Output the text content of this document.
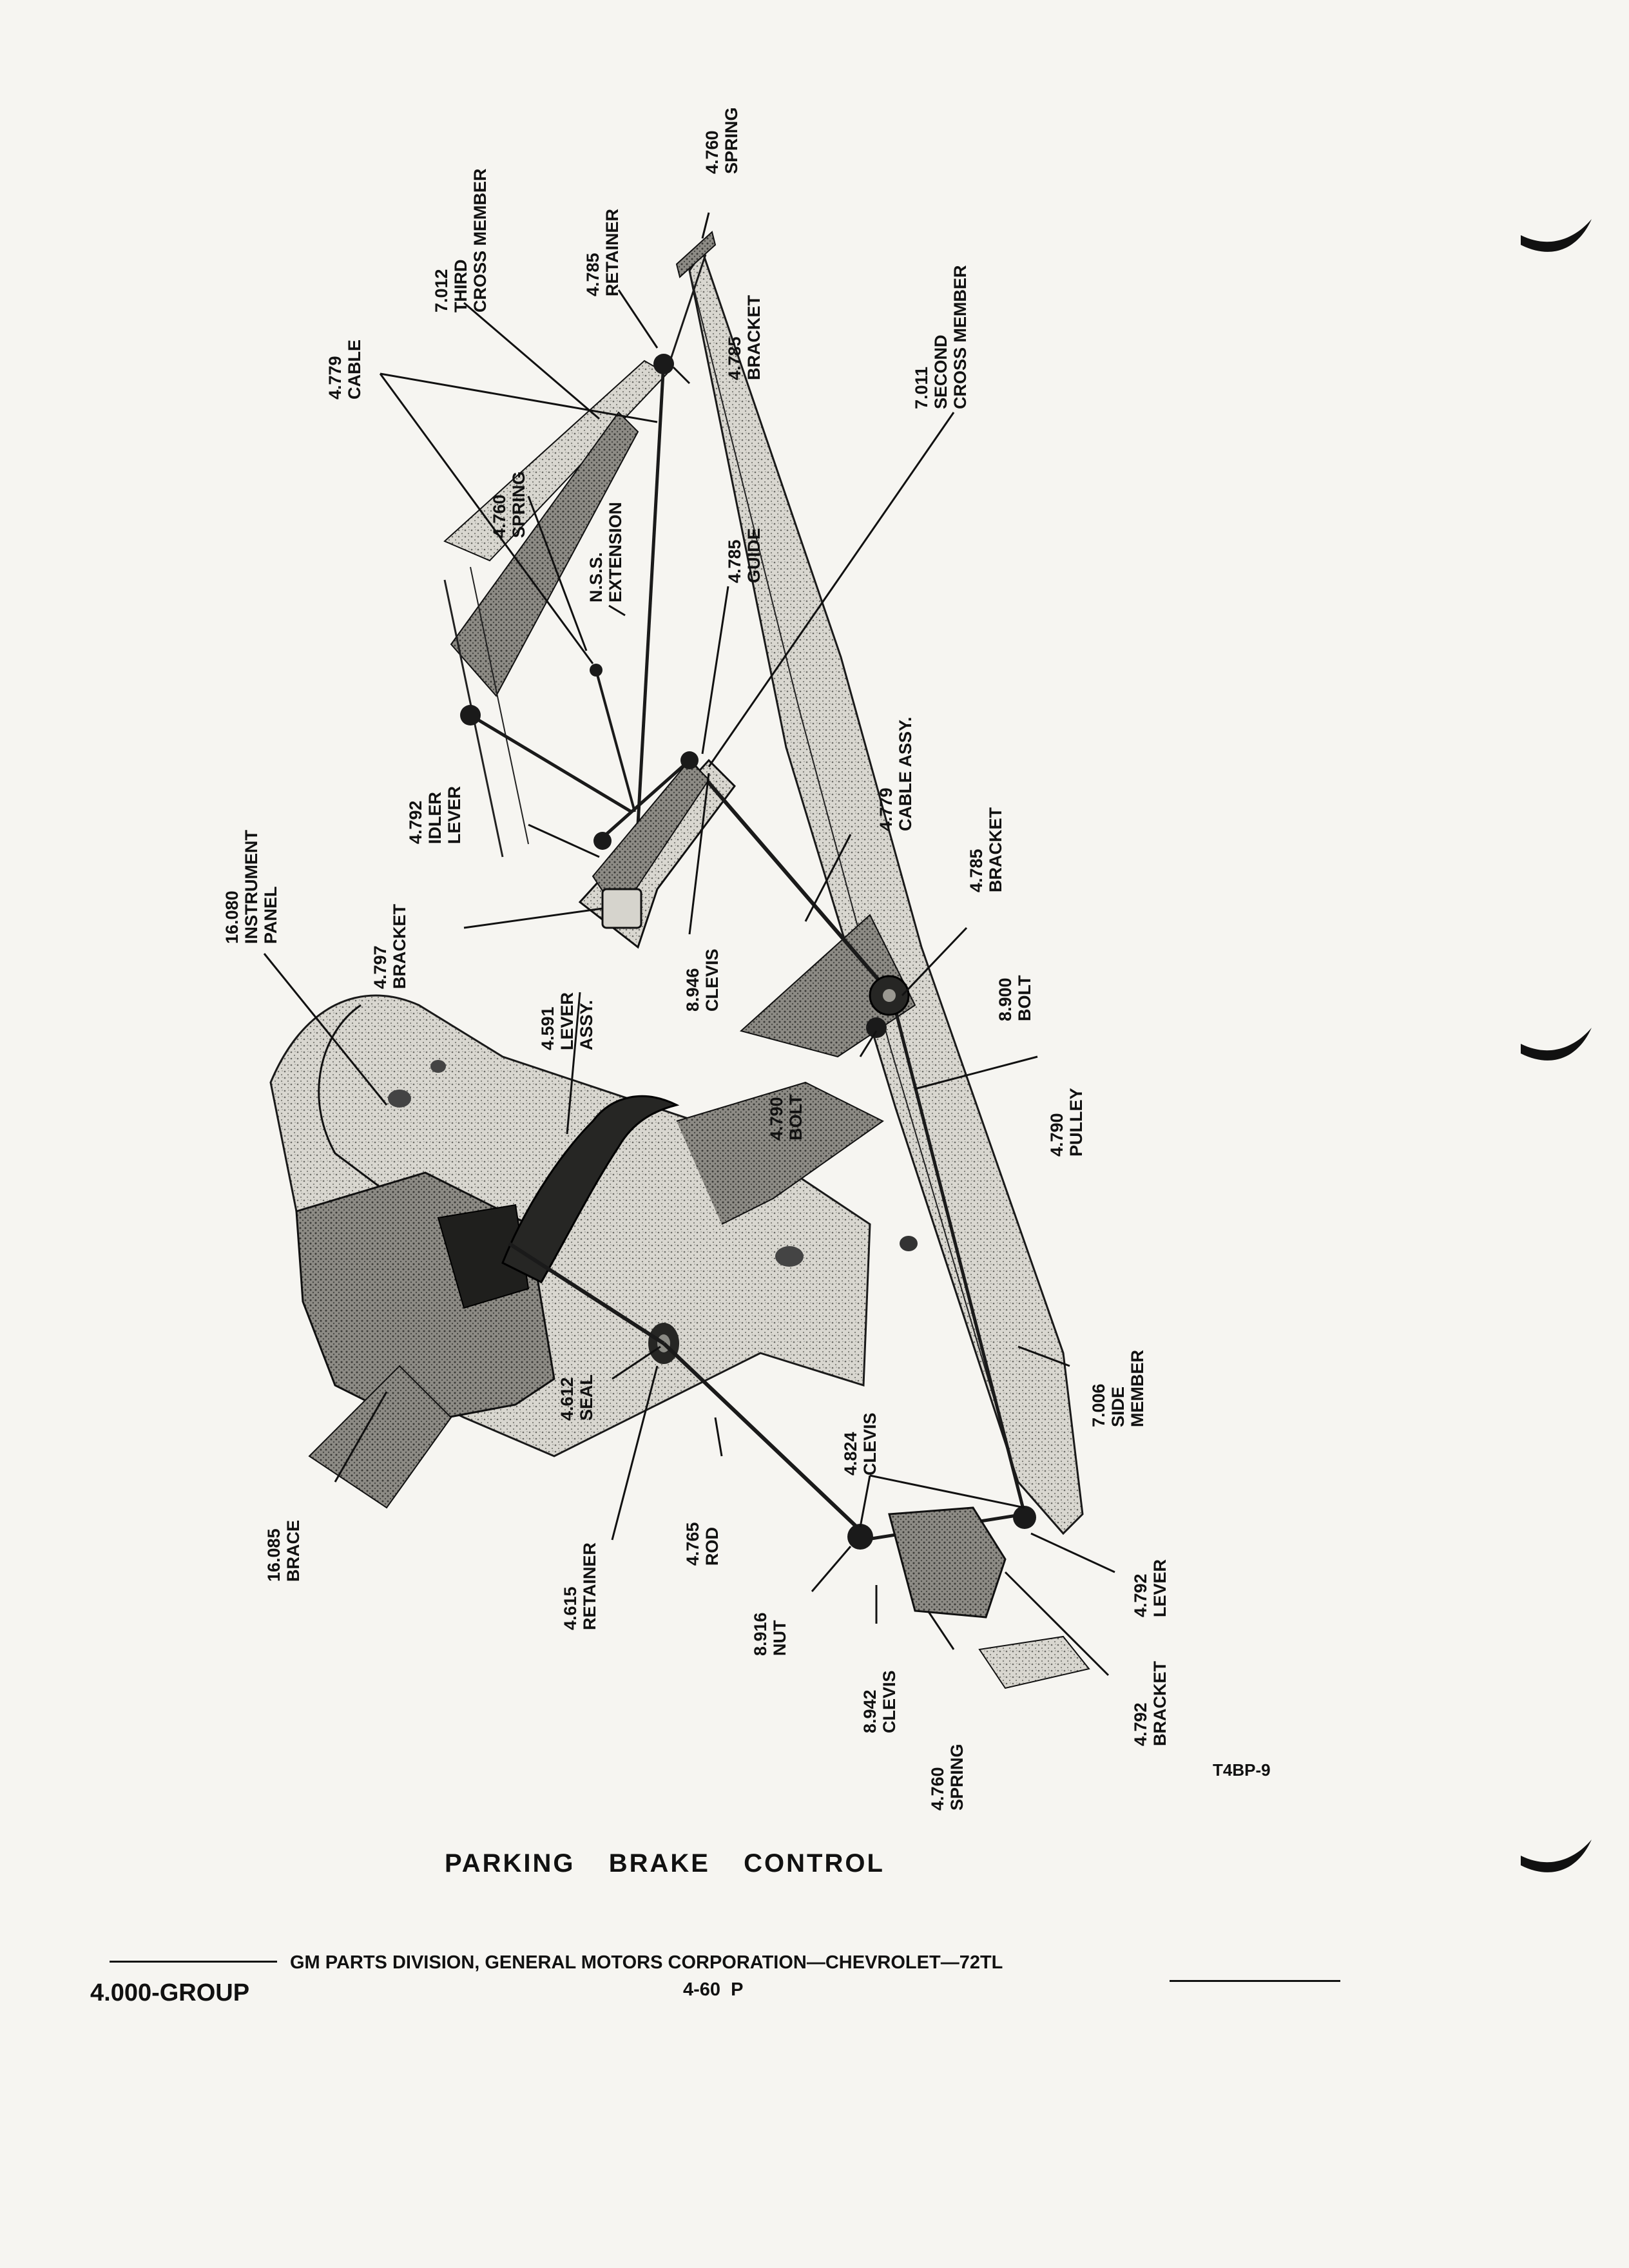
4.760 SPRING
7.012 THIRD CROSS MEMBER	4.785 RETAINER
7.011 SECOND CROSS MEMBER
4.779 CABLE	4.785 BRACKET
4.760 SPRING
N.S.S. EXTENSION	4.785 GUIDE
4.779 CABLE ASSY.
4.792 IDLER LEVER
16.080 INSTRUMENT PANEL
4.785 BRACKET
4.797 BRACKET
8.946 CLEVIS	8.900 BOLT
4.591 LEVER ASSY.
4.790 BOLT	4.790 PULLEY
4.612 SEAL	7.006 SIDE MEMBER
4.824 CLEVIS
16.085 BRACE
4.615 RETAINER	4.765 ROD
8.916 NUT
4.792 LEVER
8.942 CLEVIS
4.760 SPRING
4.792 BRACKET
T4BP-9
PARKING  BRAKE  CONTROL
4.000-GROUP
GM PARTS DIVISION, GENERAL MOTORS CORPORATION—CHEVROLET—72TL
4-60  P
